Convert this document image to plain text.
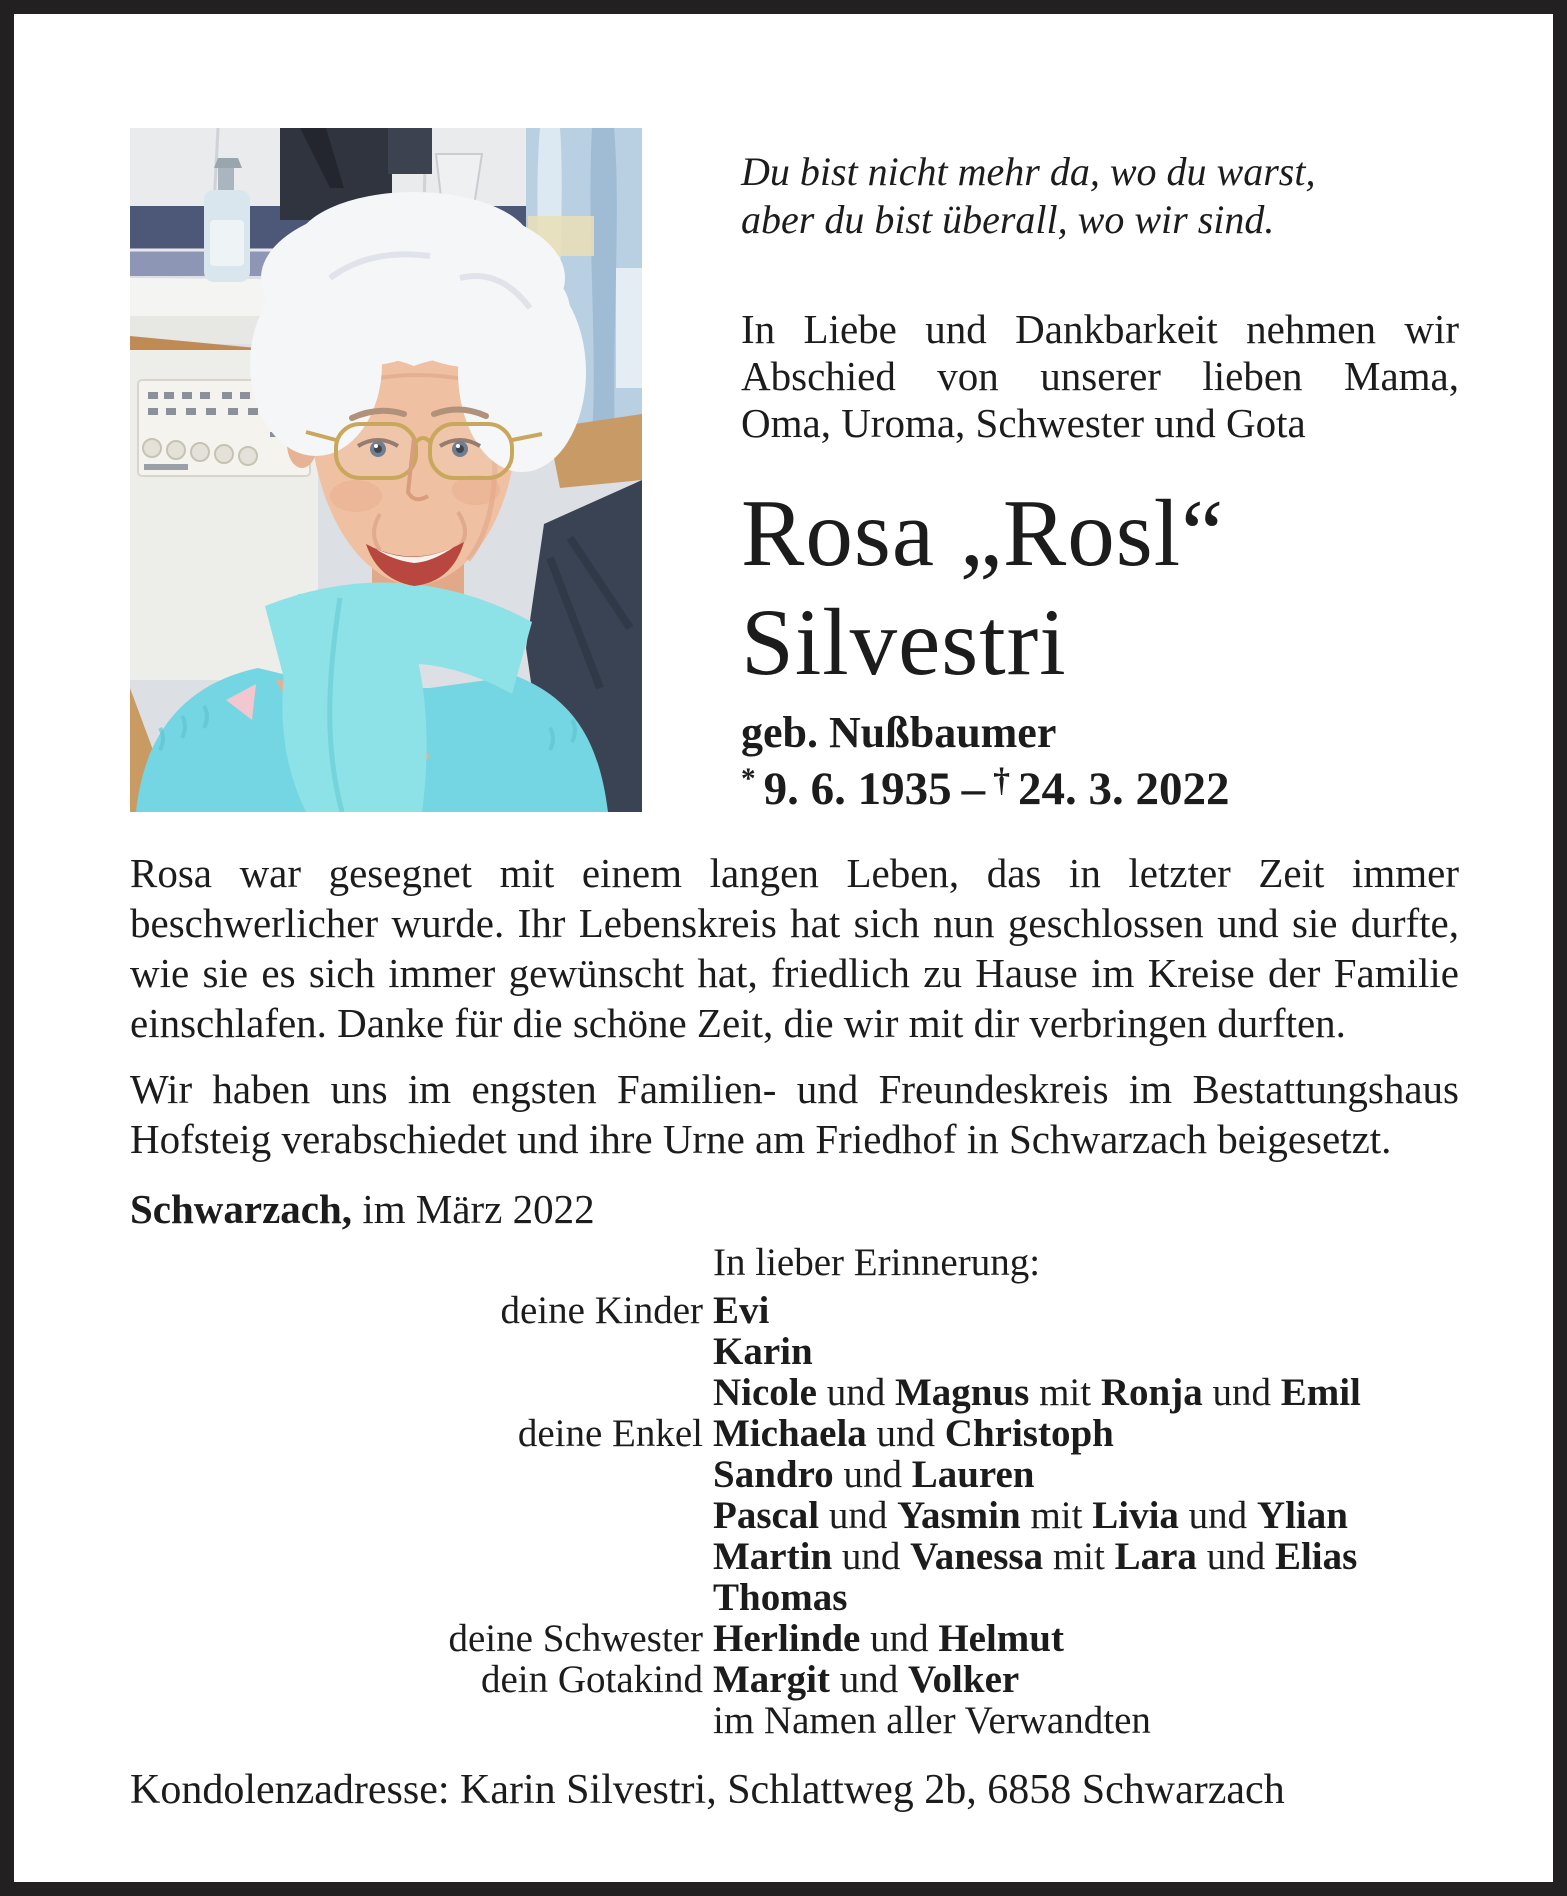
Du bist nicht mehr da, wo du warst,
aber du bist überall, wo wir sind.
In Liebe und Dankbarkeit nehmen wir
Abschied von unserer lieben Mama,
Oma, Uroma, Schwester und Gota
Rosa „Rosl“
Silvestri
geb. Nußbaumer
* 9. 6. 1935 – † 24. 3. 2022

Rosa war gesegnet mit einem langen Leben, das in letzter Zeit immer beschwerlicher wurde. Ihr Lebenskreis hat sich nun geschlossen und sie durfte, wie sie es sich immer gewünscht hat, friedlich zu Hause im Kreise der Familie einschlafen. Danke für die schöne Zeit, die wir mit dir verbringen durften.

Wir haben uns im engsten Familien- und Freundeskreis im Bestattungshaus Hofsteig verabschiedet und ihre Urne am Friedhof in Schwarzach beigesetzt.

Schwarzach, im März 2022
In lieber Erinnerung:
deine Kinder Evi
Karin
Nicole und Magnus mit Ronja und Emil
deine Enkel Michaela und Christoph
Sandro und Lauren
Pascal und Yasmin mit Livia und Ylian
Martin und Vanessa mit Lara und Elias
Thomas
deine Schwester Herlinde und Helmut
dein Gotakind Margit und Volker
im Namen aller Verwandten
Kondolenzadresse: Karin Silvestri, Schlattweg 2b, 6858 Schwarzach
